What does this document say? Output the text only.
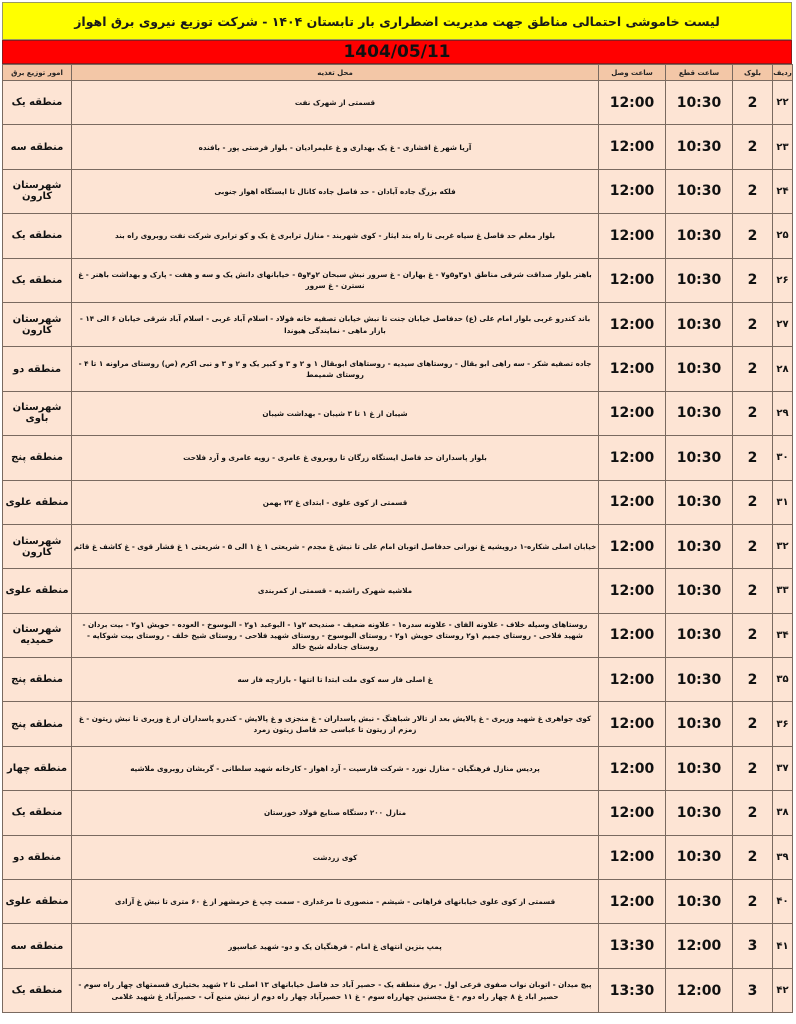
لیست خاموشی احتمالی مناطق جهت مدیریت اضطراری بار تابستان ۱۴۰۴ - شرکت توزیع نیروی برق اهواز
1404/05/11
ردیف	بلوک	ساعت قطع	ساعت وصل	محل تغذیه	امور توزیع برق
۲۲	2	10:30	12:00	قسمتی از شهرک نفت	منطقه یک
۲۳	2	10:30	12:00	آریا شهر غ افشاری - غ یک بهداری و غ علیمرادیان - بلوار فرصتی پور - بافنده	منطقه سه
۲۴	2	10:30	12:00	فلکه بزرگ جاده آبادان - حد فاصل جاده کانال تا ایستگاه اهواز جنوبی	شهرستان کارون
۲۵	2	10:30	12:00	بلوار معلم حد فاصل غ سیاه غربی تا راه بند ایثار - کوی شهربند - منازل ترابری غ یک و کو ترابری شرکت نفت روبروی راه بند	منطقه یک
۲۶	2	10:30	12:00	باهنر بلوار صداقت شرقی مناطق ۱و۳و۵و۷ - غ بهاران - غ سرور نبش سبحان ۲و۴و۵ - خیابانهای دانش یک و سه و هفت - پارک و بهداشت باهنر - غ نسترن - غ سرور	منطقه یک
۲۷	2	10:30	12:00	باند کندرو غربی بلوار امام علی (ع) حدفاصل خیابان جنت تا نبش خیابان تصفیه خانه فولاد - اسلام آباد غربی - اسلام آباد شرقی خیابان ۶ الی ۱۴ - بازار ماهی - نمایندگی هیوندا	شهرستان کارون
۲۸	2	10:30	12:00	جاده تصفیه شکر - سه راهی ابو بقال - روستاهای سیدیه - روستاهای ابوبقال ۱ و ۲ و ۳ و کبیر یک و ۲ و ۳ و نبی اکرم (ص) روستای مراونه ۱ تا ۴ - روستای شمیمط	منطقه دو
۲۹	2	10:30	12:00	شیبان از غ ۱ تا ۳ شیبان - بهداشت شیبان	شهرستان باوی
۳۰	2	10:30	12:00	بلوار پاسداران حد فاصل ایستگاه زرگان تا روبروی غ عامری - زویه عامری و آرد فلاحت	منطقه پنج
۳۱	2	10:30	12:00	قسمتی از کوی علوی - ابتدای غ ۲۲ بهمن	منطقه علوی
۳۲	2	10:30	12:00	خیابان اصلی شکاره-۱ درویشیه غ نورانی حدفاصل اتوبان امام علی تا نبش غ مجدم - شریعتی ۱ غ ۱ الی ۵ - شریعتی ۱ غ فشار قوی - غ کاشف غ قائم	شهرستان کارون
۳۳	2	10:30	12:00	ملاشیه شهرک راشدیه - قسمتی از کمربندی	منطقه علوی
۳۴	2	10:30	12:00	روستاهای وسیله خلاف - علاونه الفای - علاونه سدره۱ - علاونه ضعیف - صندیحه ۲و۱ - البوعبد ۱و۲ - البوسوخ - العوده - حویش ۱و۲ - بیت بردان - شهید فلاحی - روستای جمیم ۱و۲ روستای حویش ۱و۲ - روستای البوسوخ - روستای شهید فلاحی - روستای شیخ خلف - روستای بیت شوکایه - روستای جنادله شیخ خالد	شهرستان حمیدیه
۳۵	2	10:30	12:00	غ اصلی فاز سه کوی ملت ابتدا تا انتها - بازارچه فاز سه	منطقه پنج
۳۶	2	10:30	12:00	کوی جواهری غ شهید وزیری - غ پالایش بعد از تالار شباهنگ - نبش پاسداران - غ منجزی و غ پالایش - کندرو پاسداران از غ وزیری تا نبش زیتون - غ زمزم از زیتون تا عباسی حد فاصل زیتون زمرد	منطقه پنج
۳۷	2	10:30	12:00	پردیس منازل فرهنگیان - منازل نورد - شرکت فارسیت - آرد اهواز - کارخانه شهید سلطانی - گربشان روبروی ملاشیه	منطقه چهار
۳۸	2	10:30	12:00	منازل ۲۰۰ دستگاه صنایع فولاد خوزستان	منطقه یک
۳۹	2	10:30	12:00	کوی زردشت	منطقه دو
۴۰	2	10:30	12:00	قسمتی از کوی علوی خیابانهای فراهانی - شیشم - منصوری تا مرغداری - سمت چپ غ خرمشهر از غ ۶۰ متری تا نبش غ آزادی	منطقه علوی
۴۱	3	12:00	13:30	پمپ بنزین انتهای غ امام - فرهنگیان یک و دو- شهید عباسپور	منطقه سه
۴۲	3	12:00	13:30	پیچ میدان - اتوبان نواب صفوی فرعی اول - برق منطقه یک - حصیر آباد حد فاصل خیابانهای ۱۳ اصلی تا ۲ شهید بختیاری قسمتهای چهار راه سوم - حصیر اباد غ ۸ چهار راه دوم - غ مجسنین چهارراه سوم - غ ۱۱ حصیرآباد چهار راه دوم از نبش منبع آب - حصیرآباد غ شهید غلامی	منطقه یک
